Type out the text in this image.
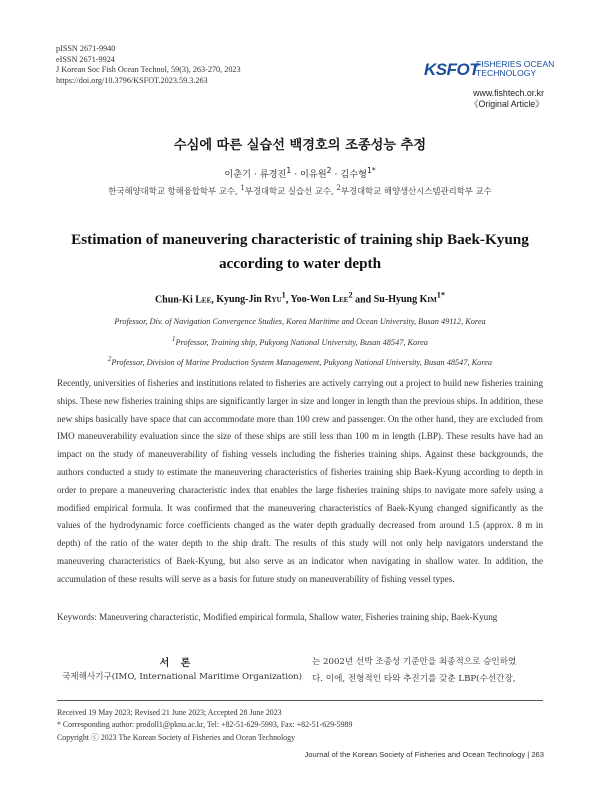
pISSN 2671-9940
eISSN 2671-9924
J Korean Soc Fish Ocean Technol, 59(3), 263-270, 2023
https://doi.org/10.3796/KSFOT.2023.59.3.263
KSFOT
FISHERIES OCEAN
TECHNOLOGY
www.fishtech.or.kr
《Original Article》
수심에 따른 실습선 백경호의 조종성능 추정
이춘기 · 류경진$^1$ · 이유원$^2$ · 김수형$^{1*}$
한국해양대학교 항해융합학부 교수, $^1$부경대학교 실습선 교수, $^2$부경대학교 해양생산시스템관리학부 교수
Estimation of maneuvering characteristic of training ship Baek-Kyung according to water depth
Chun-Ki Lee, Kyung-Jin Ryu$^1$, Yoo-Won Lee$^2$ and Su-Hyung Kim$^{1*}$
Professor, Div. of Navigation Convergence Studies, Korea Maritime and Ocean University, Busan 49112, Korea
$^1$Professor, Training ship, Pukyong National University, Busan 48547, Korea
$^2$Professor, Division of Marine Production System Management, Pukyong National University, Busan 48547, Korea
Recently, universities of fisheries and institutions related to fisheries are actively carrying out a project to build new fisheries training ships. These new fisheries training ships are significantly larger in size and longer in length than the previous ships. In addition, these new ships basically have space that can accommodate more than 100 crew and passenger. On the other hand, they are excluded from IMO maneuverability evaluation since the size of these ships are still less than 100 m in length (LBP). These results have had an impact on the study of maneuverability of fishing vessels including the fisheries training ships. Against these backgrounds, the authors conducted a study to estimate the maneuvering characteristics of fisheries training ship Baek-Kyung according to depth in order to prepare a maneuvering characteristic index that enables the large fisheries training ships to navigate more safely using a modified empirical formula. It was confirmed that the maneuvering characteristics of Baek-Kyung changed significantly as the values of the hydrodynamic force coefficients changed as the water depth gradually decreased from around 1.5 (approx. 8 m in depth) of the ratio of the water depth to the ship draft. The results of this study will not only help navigators understand the maneuvering characteristics of Baek-Kyung, but also serve as an indicator when navigating in shallow water. In addition, the accumulation of these results will serve as a basis for future study on maneuverability of fishing vessel types.
Keywords: Maneuvering characteristic, Modified empirical formula, Shallow water, Fisheries training ship, Baek-Kyung
서 론
국제해사기구(IMO, International Maritime Organization)
는 2002년 선박 조종성 기준안을 최종적으로 승인하였
다. 이에, 전형적인 타와 추진기를 갖춘 LBP(수선간장,
Received 19 May 2023; Revised 21 June 2023; Accepted 28 June 2023
* Corresponding author: prodoll1@pknu.ac.kr, Tel: +82-51-629-5993, Fax: +82-51-629-5989
Copyright ⓒ 2023 The Korean Society of Fisheries and Ocean Technology
Journal of the Korean Society of Fisheries and Ocean Technology | 263
